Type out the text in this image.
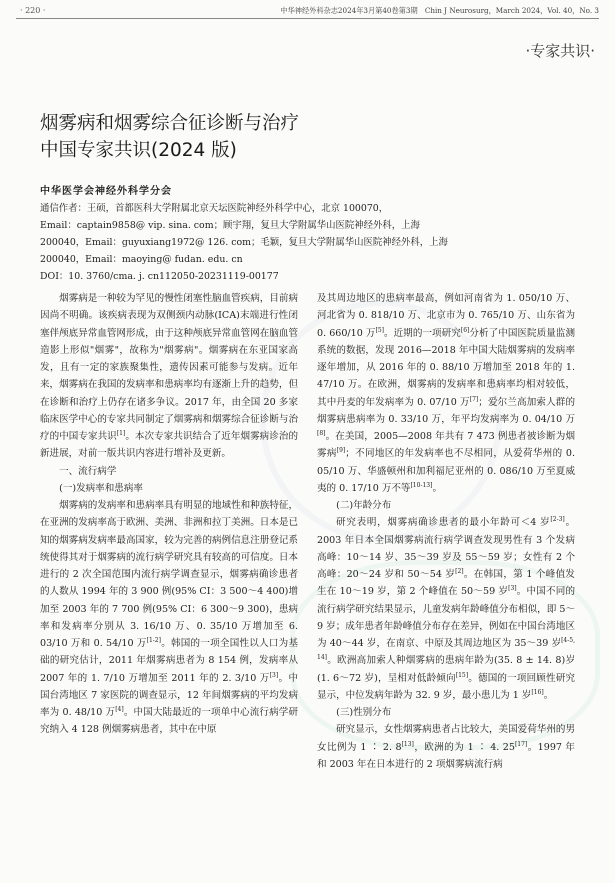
· 220 ·	中华神经外科杂志2024年3月第40卷第3期　Chin J Neurosurg，March 2024，Vol. 40，No. 3
·专家共识·
烟雾病和烟雾综合征诊断与治疗
中国专家共识(2024 版)
中华医学会神经外科学分会
通信作者：王硕，首都医科大学附属北京天坛医院神经外科学中心，北京 100070，
Email：captain9858@ vip. sina. com；顾宇翔，复旦大学附属华山医院神经外科，上海
200040，Email：guyuxiang1972@ 126. com；毛颖，复旦大学附属华山医院神经外科，上海
200040，Email：maoying@ fudan. edu. cn
DOI：10. 3760/cma. j. cn112050-20231119-00177

烟雾病是一种较为罕见的慢性闭塞性脑血管疾病，目前病因尚不明确。该疾病表现为双侧颈内动脉(ICA)末端进行性闭塞伴颅底异常血管网形成，由于这种颅底异常血管网在脑血管造影上形似"烟雾"，故称为"烟雾病"。烟雾病在东亚国家高发，且有一定的家族聚集性，遗传因素可能参与发病。近年来，烟雾病在我国的发病率和患病率均有逐渐上升的趋势，但在诊断和治疗上仍存在诸多争议。2017 年，由全国 20 多家临床医学中心的专家共同制定了烟雾病和烟雾综合征诊断与治疗的中国专家共识[1]。本次专家共识结合了近年烟雾病诊治的新进展，对前一版共识内容进行增补及更新。

一、流行病学
(一)发病率和患病率

烟雾病的发病率和患病率具有明显的地域性和种族特征，在亚洲的发病率高于欧洲、美洲、非洲和拉丁美洲。日本是已知的烟雾病发病率最高国家，较为完善的病例信息注册登记系统使得其对于烟雾病的流行病学研究具有较高的可信度。日本进行的 2 次全国范围内流行病学调查显示，烟雾病确诊患者的人数从 1994 年的 3 900 例(95% CI：3 500～4 400)增加至 2003 年的 7 700 例(95% CI：6 300～9 300)，患病率和发病率分别从 3. 16/10 万、0. 35/10 万增加至 6. 03/10 万和 0. 54/10 万[1-2]。韩国的一项全国性以人口为基础的研究估计，2011 年烟雾病患者为 8 154 例，发病率从 2007 年的 1. 7/10 万增加至 2011 年的 2. 3/10 万[3]。中国台湾地区 7 家医院的调查显示，12 年间烟雾病的平均发病率为 0. 48/10 万[4]。中国大陆最近的一项单中心流行病学研究纳入 4 128 例烟雾病患者，其中在中原

及其周边地区的患病率最高，例如河南省为 1. 050/10 万、河北省为 0. 818/10 万、北京市为 0. 765/10 万、山东省为 0. 660/10 万[5]。近期的一项研究[6]分析了中国医院质量监测系统的数据，发现 2016—2018 年中国大陆烟雾病的发病率逐年增加，从 2016 年的 0. 88/10 万增加至 2018 年的 1. 47/10 万。在欧洲，烟雾病的发病率和患病率均相对较低，其中丹麦的年发病率为 0. 07/10 万[7]；爱尔兰高加索人群的烟雾病患病率为 0. 33/10 万，年平均发病率为 0. 04/10 万[8]。在美国，2005—2008 年共有 7 473 例患者被诊断为烟雾病[9]；不同地区的年发病率也不尽相同，从爱荷华州的 0. 05/10 万、华盛顿州和加利福尼亚州的 0. 086/10 万至夏威夷的 0. 17/10 万不等[10-13]。

(二)年龄分布

研究表明，烟雾病确诊患者的最小年龄可＜4 岁[2-3]。2003 年日本全国烟雾病流行病学调查发现男性有 3 个发病高峰：10～14 岁、35～39 岁及 55～59 岁；女性有 2 个高峰：20～24 岁和 50～54 岁[2]。在韩国，第 1 个峰值发生在 10～19 岁，第 2 个峰值在 50～59 岁[3]。中国不同的流行病学研究结果显示，儿童发病年龄峰值分布相似，即 5～9 岁；成年患者年龄峰值分布存在差异，例如在中国台湾地区为 40～44 岁，在南京、中原及其周边地区为 35～39 岁[4-5, 14]。欧洲高加索人种烟雾病的患病年龄为(35. 8 ± 14. 8)岁(1. 6～72 岁)，呈相对低龄倾向[15]。德国的一项回顾性研究显示，中位发病年龄为 32. 9 岁，最小患儿为 1 岁[16]。

(三)性别分布

研究显示，女性烟雾病患者占比较大，美国爱荷华州的男女比例为 1 ∶ 2. 8[13]，欧洲的为 1 ∶ 4. 25[17]。1997 年和 2003 年在日本进行的 2 项烟雾病流行病
